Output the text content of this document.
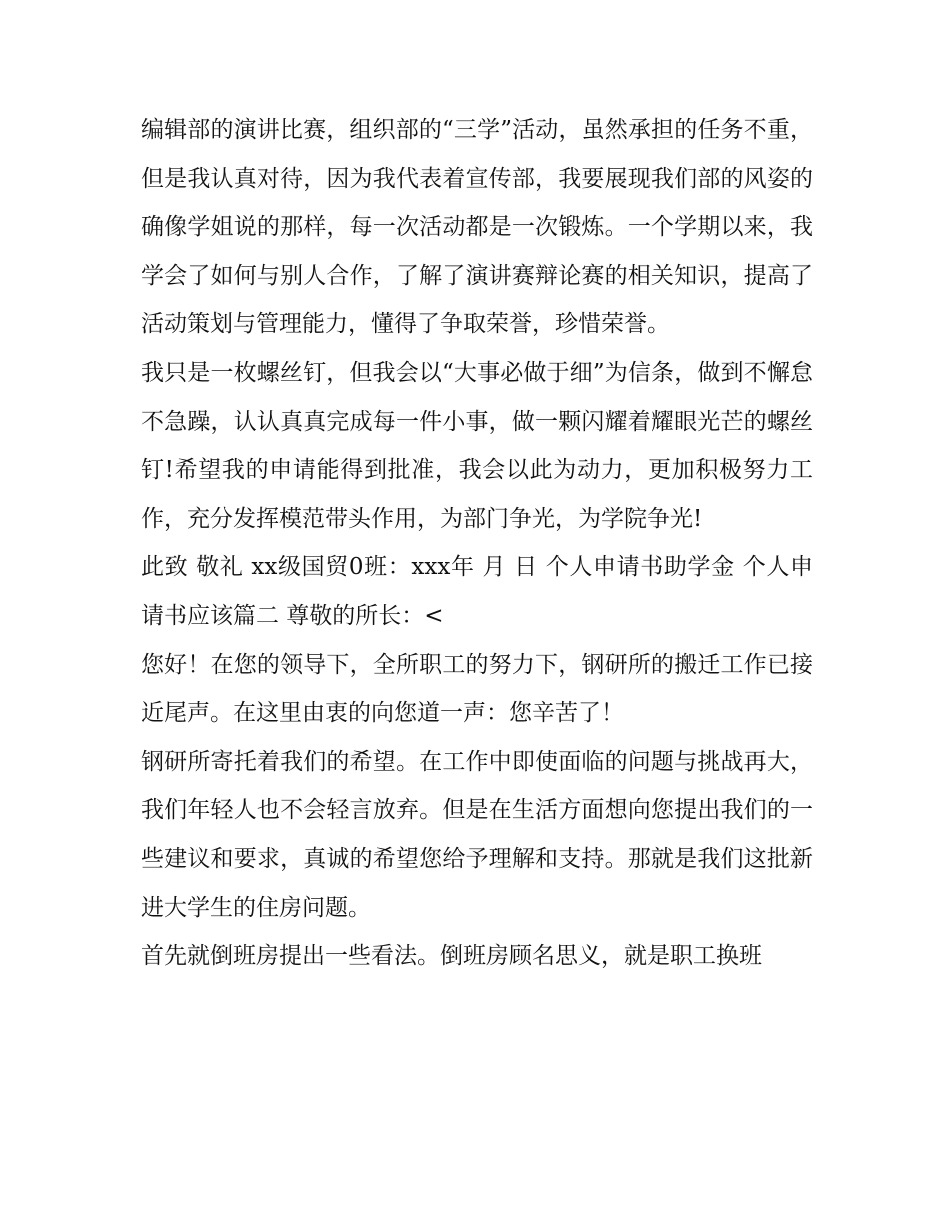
编辑部的演讲比赛，组织部的“三学”活动，虽然承担的任务不重，但是我认真对待，因为我代表着宣传部，我要展现我们部的风姿的确像学姐说的那样，每一次活动都是一次锻炼。一个学期以来，我学会了如何与别人合作，了解了演讲赛辩论赛的相关知识，提高了活动策划与管理能力，懂得了争取荣誉，珍惜荣誉。

我只是一枚螺丝钉，但我会以“大事必做于细”为信条，做到不懈怠不急躁，认认真真完成每一件小事，做一颗闪耀着耀眼光芒的螺丝钉!希望我的申请能得到批准，我会以此为动力，更加积极努力工作，充分发挥模范带头作用，为部门争光，为学院争光!

此致 敬礼 xx级国贸0班：xxx年 月 日 个人申请书助学金 个人申请书应该篇二 尊敬的所长：<

您好！在您的领导下，全所职工的努力下，钢研所的搬迁工作已接近尾声。在这里由衷的向您道一声：您辛苦了！

钢研所寄托着我们的希望。在工作中即使面临的问题与挑战再大，我们年轻人也不会轻言放弃。但是在生活方面想向您提出我们的一些建议和要求，真诚的希望您给予理解和支持。那就是我们这批新进大学生的住房问题。

首先就倒班房提出一些看法。倒班房顾名思义，就是职工换班
